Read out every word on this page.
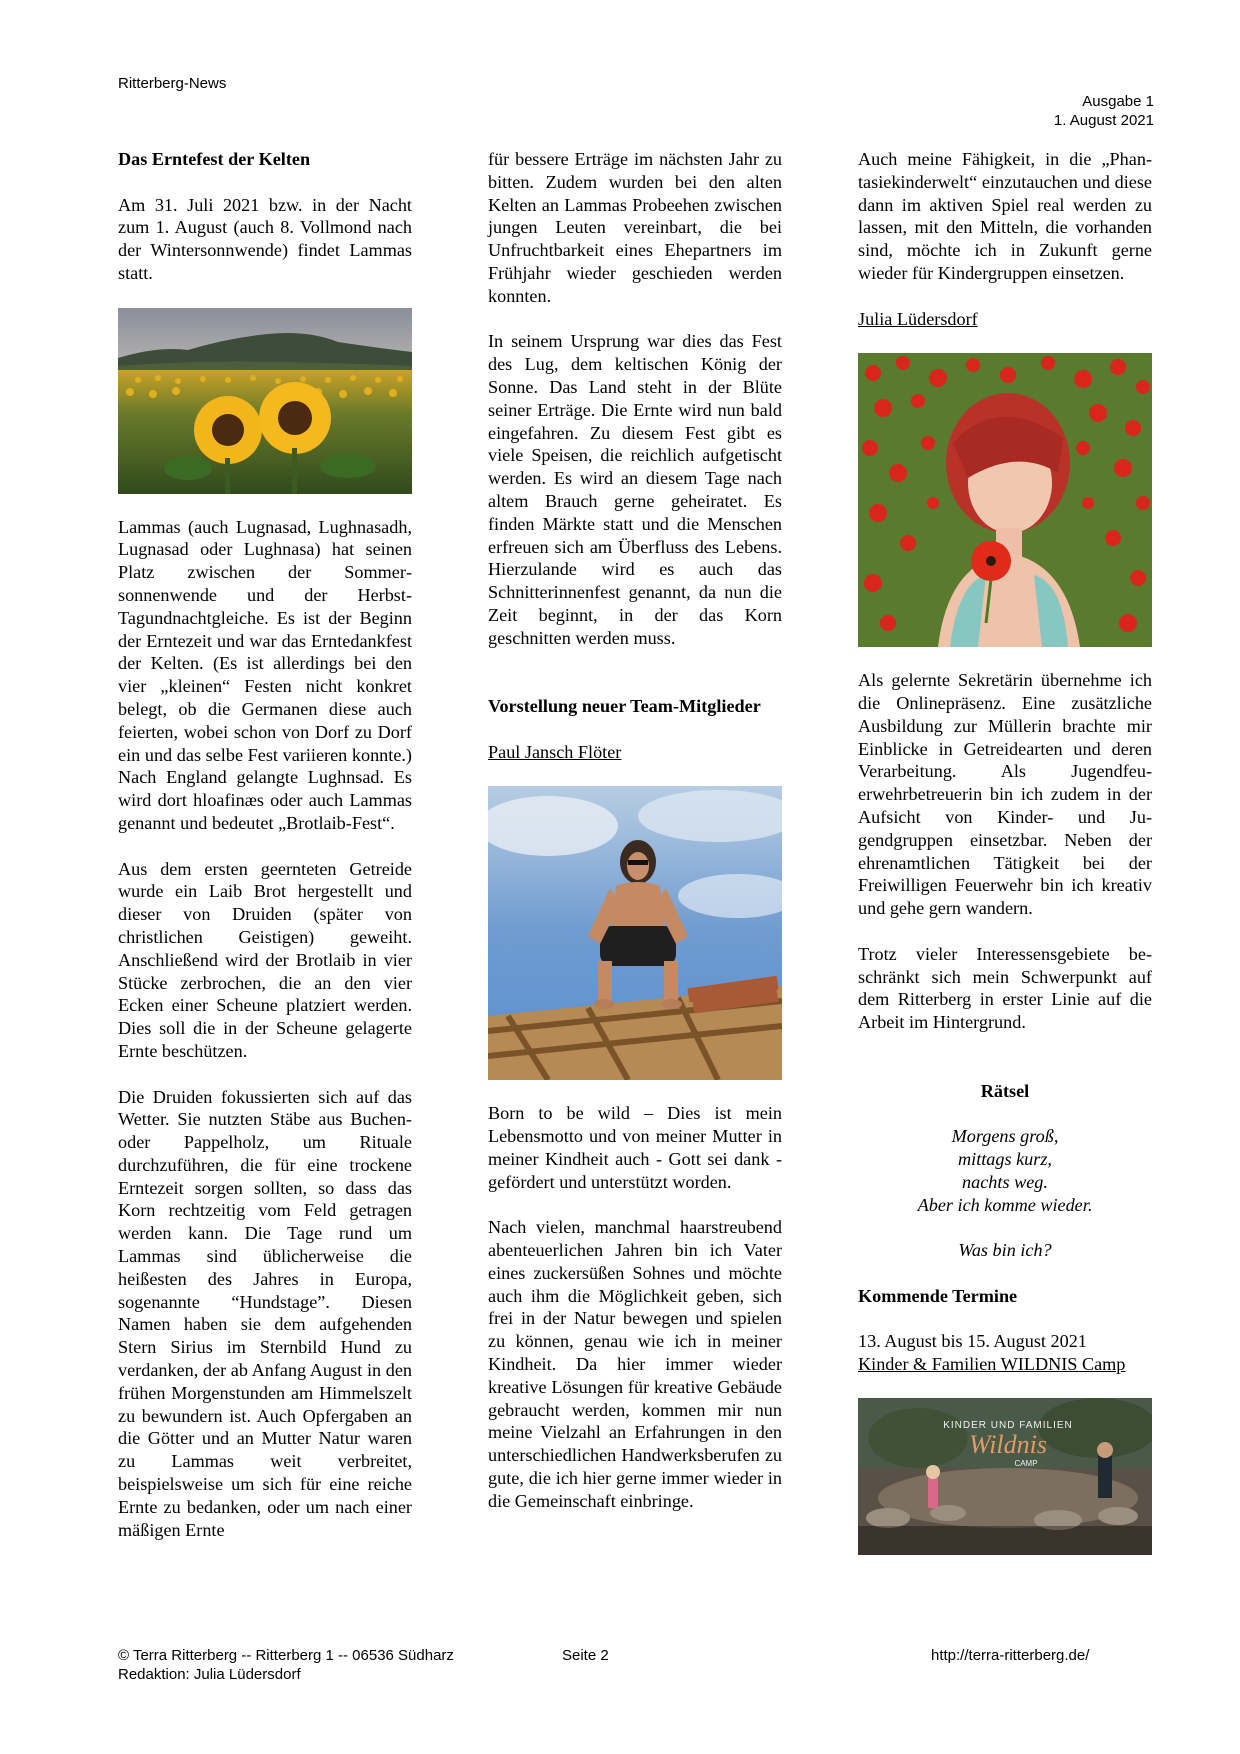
Ritterberg-News
Ausgabe 1
1. August 2021
Das Erntefest der Kelten

Am 31. Juli 2021 bzw. in der Nacht zum 1. August (auch 8. Vollmond nach der Wintersonnwende) findet Lammas statt.

Lammas (auch Lugnasad, Lughnasadh, Lugnasad oder Lughnasa) hat seinen Platz zwischen der Sommersonnenwende und der Herbst-Tagundnachtgleiche. Es ist der Beginn der Erntezeit und war das Erntedankfest der Kelten. (Es ist allerdings bei den vier „kleinen“ Festen nicht konkret belegt, ob die Germanen diese auch feierten, wobei schon von Dorf zu Dorf ein und das selbe Fest variieren konnte.) Nach England gelangte Lughnsad. Es wird dort hloafinæs oder auch Lammas genannt und bedeutet „Brotlaib-Fest“.

Aus dem ersten geernteten Getreide wurde ein Laib Brot hergestellt und dieser von Druiden (später von christlichen Geistigen) geweiht. Anschließend wird der Brotlaib in vier Stücke zerbrochen, die an den vier Ecken einer Scheune platziert werden. Dies soll die in der Scheune gelagerte Ernte beschützen.

Die Druiden fokussierten sich auf das Wetter. Sie nutzten Stäbe aus Buchen- oder Pappelholz, um Rituale durchzuführen, die für eine trockene Erntezeit sorgen sollten, so dass das Korn rechtzeitig vom Feld getragen werden kann. Die Tage rund um Lammas sind üblicherweise die heißesten des Jahres in Europa, sogenannte “Hundstage”. Diesen Namen haben sie dem aufgehenden Stern Sirius im Sternbild Hund zu verdanken, der ab Anfang August in den frühen Morgenstunden am Himmelszelt zu bewundern ist. Auch Opfergaben an die Götter und an Mutter Natur waren zu Lammas weit verbreitet, beispielsweise um sich für eine reiche Ernte zu bedanken, oder um nach einer mäßigen Ernte

für bessere Erträge im nächsten Jahr zu bitten. Zudem wurden bei den alten Kelten an Lammas Probeehen zwischen jungen Leuten vereinbart, die bei Unfruchtbarkeit eines Ehepartners im Frühjahr wieder geschieden werden konnten.

In seinem Ursprung war dies das Fest des Lug, dem keltischen König der Sonne. Das Land steht in der Blüte seiner Erträge. Die Ernte wird nun bald eingefahren. Zu diesem Fest gibt es viele Speisen, die reichlich aufgetischt werden. Es wird an diesem Tage nach altem Brauch gerne geheiratet. Es finden Märkte statt und die Menschen erfreuen sich am Überfluss des Lebens. Hierzulande wird es auch das Schnitterinnenfest genannt, da nun die Zeit beginnt, in der das Korn geschnitten werden muss.

Vorstellung neuer Team-Mitglieder
Paul Jansch Flöter

Born to be wild – Dies ist mein Lebensmotto und von meiner Mutter in meiner Kindheit auch - Gott sei dank - gefördert und unterstützt worden.

Nach vielen, manchmal haarstreubend abenteuerlichen Jahren bin ich Vater eines zuckersüßen Sohnes und möchte auch ihm die Möglichkeit geben, sich frei in der Natur bewegen und spielen zu können, genau wie ich in meiner Kindheit. Da hier immer wieder kreative Lösungen für kreative Gebäude gebraucht werden, kommen mir nun meine Vielzahl an Erfahrungen in den unterschiedlichen Handwerksberufen zu gute, die ich hier gerne immer wieder in die Gemeinschaft einbringe.

Auch meine Fähigkeit, in die „Phantasiekinderwelt“ einzutauchen und diese dann im aktiven Spiel real werden zu lassen, mit den Mitteln, die vorhanden sind, möchte ich in Zukunft gerne wieder für Kindergruppen einsetzen.

Julia Lüdersdorf

Als gelernte Sekretärin übernehme ich die Onlinepräsenz. Eine zusätzliche Ausbildung zur Müllerin brachte mir Einblicke in Getreidearten und deren Verarbeitung. Als Jugendfeuerwehrbetreuerin bin ich zudem in der Aufsicht von Kinder- und Jugendgruppen einsetzbar. Neben der ehrenamtlichen Tätigkeit bei der Freiwilligen Feuerwehr bin ich kreativ und gehe gern wandern.

Trotz vieler Interessensgebiete beschränkt sich mein Schwerpunkt auf dem Ritterberg in erster Linie auf die Arbeit im Hintergrund.

Rätsel
Morgens groß,
mittags kurz,
nachts weg.
Aber ich komme wieder.
Was bin ich?
Kommende Termine
13. August bis 15. August 2021
Kinder & Familien WILDNIS Camp
KINDER UND FAMILIEN
Wildnis
CAMP
© Terra Ritterberg -- Ritterberg 1 -- 06536 Südharz
Redaktion: Julia Lüdersdorf
Seite 2	http://terra-ritterberg.de/
